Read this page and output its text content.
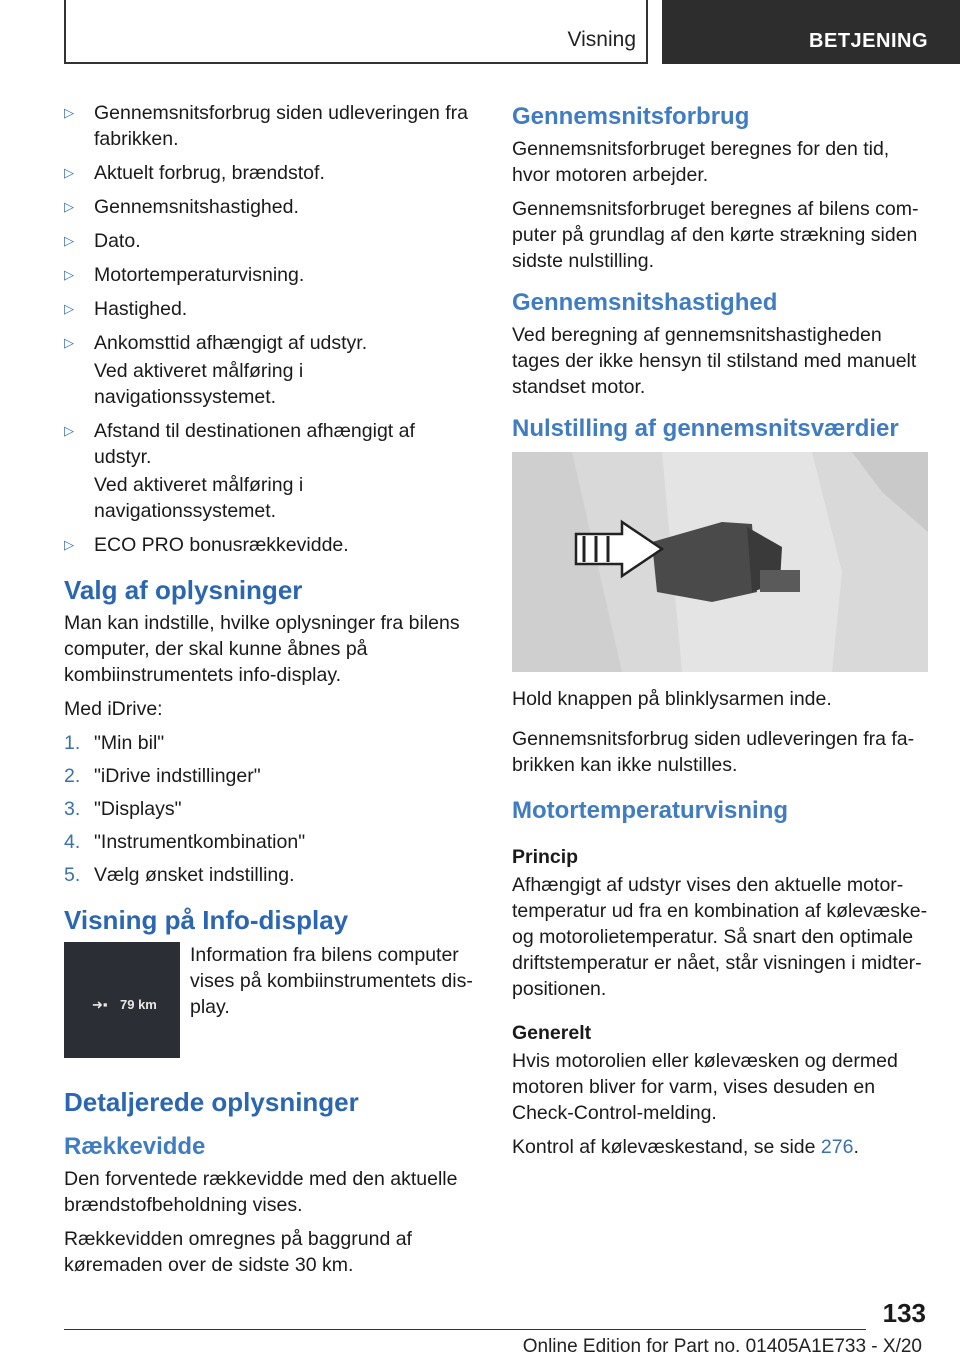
Visning	BETJENING
▷	Gennemsnitsforbrug siden udleveringen fra fabrikken.
▷	Aktuelt forbrug, brændstof.
▷	Gennemsnitshastighed.
▷	Dato.
▷	Motortemperaturvisning.
▷	Hastighed.
▷	Ankomsttid afhængigt af udstyr.
Ved aktiveret målføring i navigationssystemet.
▷	Afstand til destinationen afhængigt af udstyr.
Ved aktiveret målføring i navigationssystemet.
▷	ECO PRO bonusrækkevidde.
Valg af oplysninger

Man kan indstille, hvilke oplysninger fra bilens computer, der skal kunne åbnes på kombiinstrumentets info-display.

Med iDrive:

1. "Min bil"
2. "iDrive indstillinger"
3. "Displays"
4. "Instrumentkombination"
5. Vælg ønsket indstilling.
Visning på Info-display
➜▪ 79 km
Information fra bilens computer vises på kombiinstrumentets display.
Detaljerede oplysninger
Rækkevidde

Den forventede rækkevidde med den aktuelle brændstofbeholdning vises.

Rækkevidden omregnes på baggrund af køremaden over de sidste 30 km.

Gennemsnitsforbrug

Gennemsnitsforbruget beregnes for den tid, hvor motoren arbejder.

Gennemsnitsforbruget beregnes af bilens computer på grundlag af den kørte strækning siden sidste nulstilling.

Gennemsnitshastighed

Ved beregning af gennemsnitshastigheden tages der ikke hensyn til stilstand med manuelt standset motor.

Nulstilling af gennemsnitsværdier

Hold knappen på blinklysarmen inde.

Gennemsnitsforbrug siden udleveringen fra fabrikken kan ikke nulstilles.

Motortemperaturvisning
Princip

Afhængigt af udstyr vises den aktuelle motortemperatur ud fra en kombination af kølevæske- og motorolietemperatur. Så snart den optimale driftstemperatur er nået, står visningen i midterpositionen.

Generelt

Hvis motorolien eller kølevæsken og dermed motoren bliver for varm, vises desuden en Check-Control-melding.

Kontrol af kølevæskestand, se side 276.

133
Online Edition for Part no. 01405A1E733 - X/20
